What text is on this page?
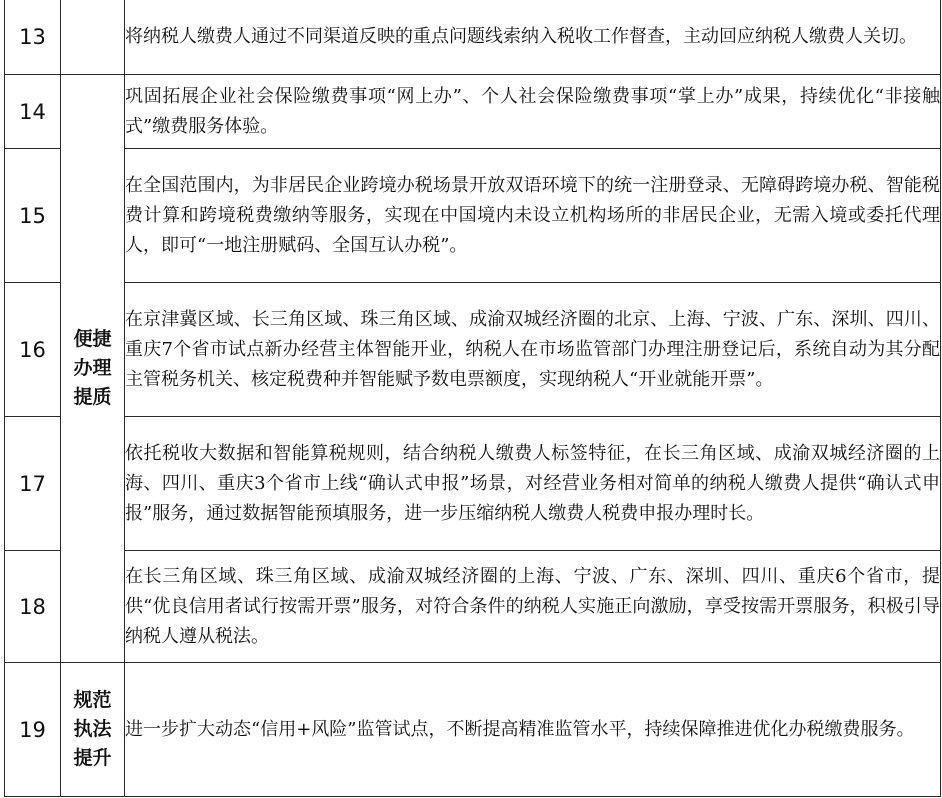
13		将纳税人缴费人通过不同渠道反映的重点问题线索纳入税收工作督查，主动回应纳税人缴费人关切。
14	便捷办理提质	巩固拓展企业社会保险缴费事项“网上办”、个人社会保险缴费事项“掌上办”成果，持续优化“非接触式”缴费服务体验。
15		在全国范围内，为非居民企业跨境办税场景开放双语环境下的统一注册登录、无障碍跨境办税、智能税费计算和跨境税费缴纳等服务，实现在中国境内未设立机构场所的非居民企业，无需入境或委托代理人，即可“一地注册赋码、全国互认办税”。
16		在京津冀区域、长三角区域、珠三角区域、成渝双城经济圈的北京、上海、宁波、广东、深圳、四川、重庆7个省市试点新办经营主体智能开业，纳税人在市场监管部门办理注册登记后，系统自动为其分配主管税务机关、核定税费种并智能赋予数电票额度，实现纳税人“开业就能开票”。
17		依托税收大数据和智能算税规则，结合纳税人缴费人标签特征，在长三角区域、成渝双城经济圈的上海、四川、重庆3个省市上线“确认式申报”场景，对经营业务相对简单的纳税人缴费人提供“确认式申报”服务，通过数据智能预填服务，进一步压缩纳税人缴费人税费申报办理时长。
18		在长三角区域、珠三角区域、成渝双城经济圈的上海、宁波、广东、深圳、四川、重庆6个省市，提供“优良信用者试行按需开票”服务，对符合条件的纳税人实施正向激励，享受按需开票服务，积极引导纳税人遵从税法。
19	规范执法提升	进一步扩大动态“信用+风险”监管试点，不断提高精准监管水平，持续保障推进优化办税缴费服务。
